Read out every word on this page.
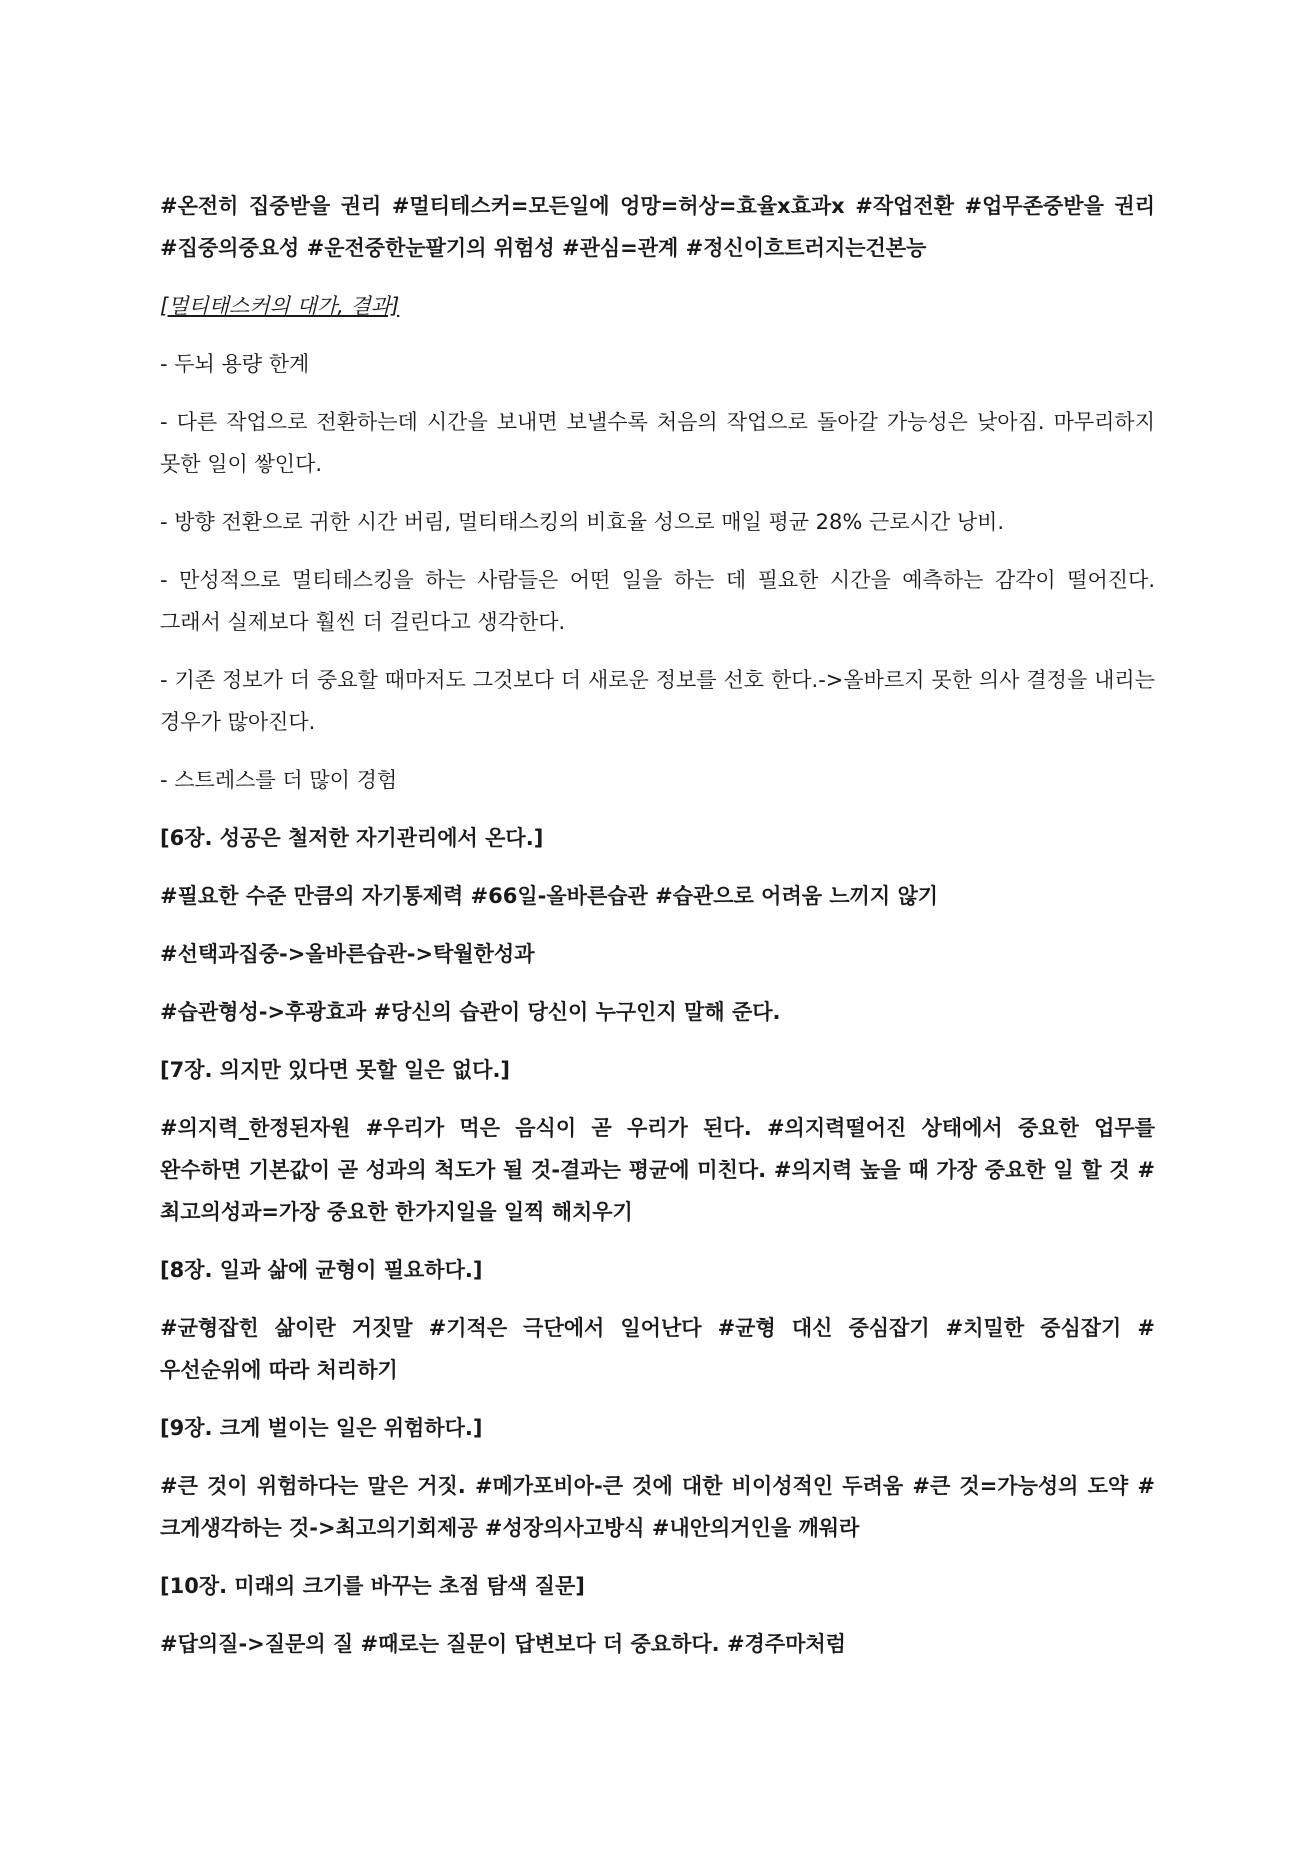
#온전히 집중받을 권리 #멀티테스커=모든일에 엉망=허상=효율x효과x #작업전환 #업무존중받을 권리 #집중의중요성 #운전중한눈팔기의 위험성 #관심=관계 #정신이흐트러지는건본능

[멀티태스커의 대가, 결과]

- 두뇌 용량 한계

- 다른 작업으로 전환하는데 시간을 보내면 보낼수록 처음의 작업으로 돌아갈 가능성은 낮아짐. 마무리하지 못한 일이 쌓인다.

- 방향 전환으로 귀한 시간 버림, 멀티태스킹의 비효율 성으로 매일 평균 28% 근로시간 낭비.

- 만성적으로 멀티테스킹을 하는 사람들은 어떤 일을 하는 데 필요한 시간을 예측하는 감각이 떨어진다. 그래서 실제보다 훨씬 더 걸린다고 생각한다.

- 기존 정보가 더 중요할 때마저도 그것보다 더 새로운 정보를 선호 한다.->올바르지 못한 의사 결정을 내리는 경우가 많아진다.

- 스트레스를 더 많이 경험

[6장. 성공은 철저한 자기관리에서 온다.]

#필요한 수준 만큼의 자기통제력 #66일-올바른습관 #습관으로 어려움 느끼지 않기

#선택과집중->올바른습관->탁월한성과

#습관형성->후광효과 #당신의 습관이 당신이 누구인지 말해 준다.

[7장. 의지만 있다면 못할 일은 없다.]

#의지력_한정된자원 #우리가 먹은 음식이 곧 우리가 된다. #의지력떨어진 상태에서 중요한 업무를 완수하면 기본값이 곧 성과의 척도가 될 것-결과는 평균에 미친다. #의지력 높을 때 가장 중요한 일 할 것 #최고의성과=가장 중요한 한가지일을 일찍 해치우기

[8장. 일과 삶에 균형이 필요하다.]

#균형잡힌 삶이란 거짓말 #기적은 극단에서 일어난다 #균형 대신 중심잡기 #치밀한 중심잡기 #우선순위에 따라 처리하기

[9장. 크게 벌이는 일은 위험하다.]

#큰 것이 위험하다는 말은 거짓. #메가포비아-큰 것에 대한 비이성적인 두려움 #큰 것=가능성의 도약 #크게생각하는 것->최고의기회제공 #성장의사고방식 #내안의거인을 깨워라

[10장. 미래의 크기를 바꾸는 초점 탐색 질문]

#답의질->질문의 질 #때로는 질문이 답변보다 더 중요하다. #경주마처럼
